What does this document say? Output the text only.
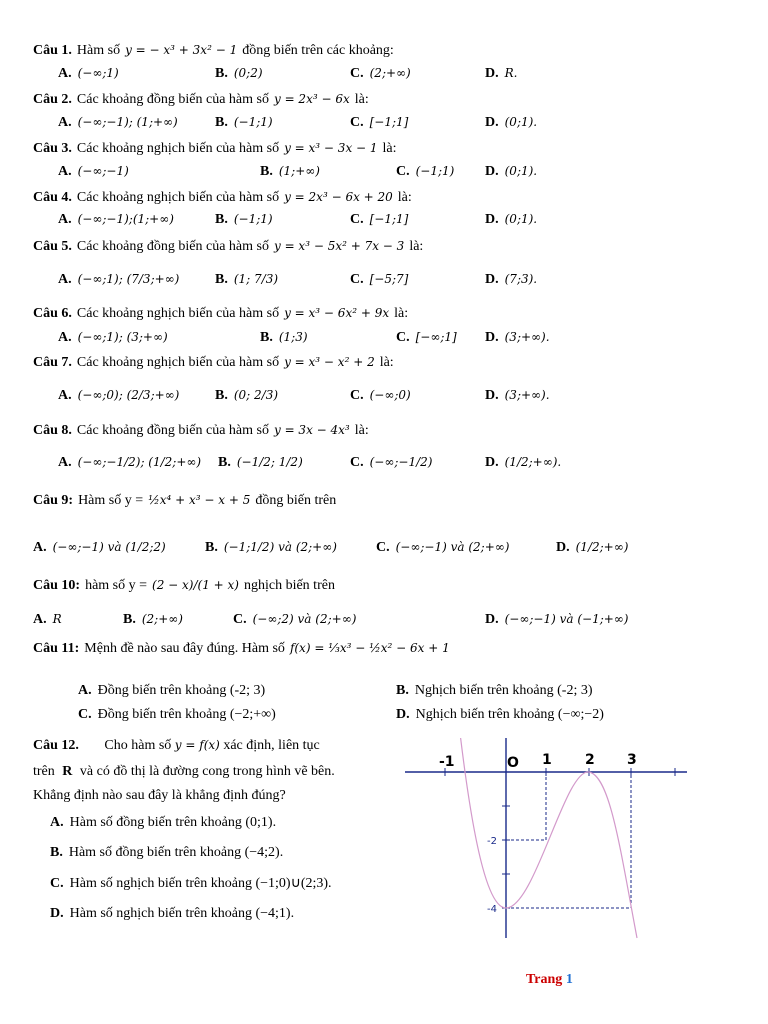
Câu 1. Hàm số y = − x³ + 3x² − 1 đồng biến trên các khoảng:
A. (−∞;1)	B. (0;2)	C. (2;+∞)	D. R.
Câu 2. Các khoảng đồng biến của hàm số y = 2x³ − 6x là:
A. (−∞;−1); (1;+∞)	B. (−1;1)	C. [−1;1]	D. (0;1).
Câu 3. Các khoảng nghịch biến của hàm số y = x³ − 3x − 1 là:
A. (−∞;−1)	B. (1;+∞)	C. (−1;1) D. (0;1).
Câu 4. Các khoảng nghịch biến của hàm số y = 2x³ − 6x + 20 là:
A. (−∞;−1);(1;+∞)	B. (−1;1)	C. [−1;1]	D. (0;1).
Câu 5. Các khoảng đồng biến của hàm số y = x³ − 5x² + 7x − 3 là:
A. (−∞;1); (7/3;+∞)	B. (1; 7/3)	C. [−5;7]	D. (7;3).
Câu 6. Các khoảng nghịch biến của hàm số y = x³ − 6x² + 9x là:
A. (−∞;1); (3;+∞)	B. (1;3)	C. [−∞;1] D. (3;+∞).
Câu 7. Các khoảng nghịch biến của hàm số y = x³ − x² + 2 là:
A. (−∞;0); (2/3;+∞)	B. (0; 2/3)	C. (−∞;0)	D. (3;+∞).
Câu 8. Các khoảng đồng biến của hàm số y = 3x − 4x³ là:
A. (−∞;−1/2); (1/2;+∞) B. (−1/2; 1/2)	C. (−∞;−1/2)	D. (1/2;+∞).
Câu 9: Hàm số y = ½x⁴ + x³ − x + 5 đồng biến trên
A. (−∞;−1) và (1/2;2)	B. (−1;1/2) và (2;+∞)	C. (−∞;−1) và (2;+∞)	D. (1/2;+∞)
Câu 10: hàm số y = (2 − x)/(1 + x) nghịch biến trên
A. R	B. (2;+∞)	C. (−∞;2) và (2;+∞)	D. (−∞;−1) và (−1;+∞)
Câu 11: Mệnh đề nào sau đây đúng. Hàm số f(x) = ⅓x³ − ½x² − 6x + 1
A. Đồng biến trên khoảng (-2; 3)	B. Nghịch biến trên khoảng (-2; 3)
C. Đồng biến trên khoảng (−2;+∞)	D. Nghịch biến trên khoảng (−∞;−2)
Câu 12. Cho hàm số y = f(x) xác định, liên tục
trên R và có đồ thị là đường cong trong hình vẽ bên.
Khẳng định nào sau đây là khẳng định đúng?
A. Hàm số đồng biến trên khoảng (0;1).
B. Hàm số đồng biến trên khoảng (−4;2).
C. Hàm số nghịch biến trên khoảng (−1;0)∪(2;3).
D. Hàm số nghịch biến trên khoảng (−4;1).
-1	O 1 2 3
-2
-4
Trang 1
